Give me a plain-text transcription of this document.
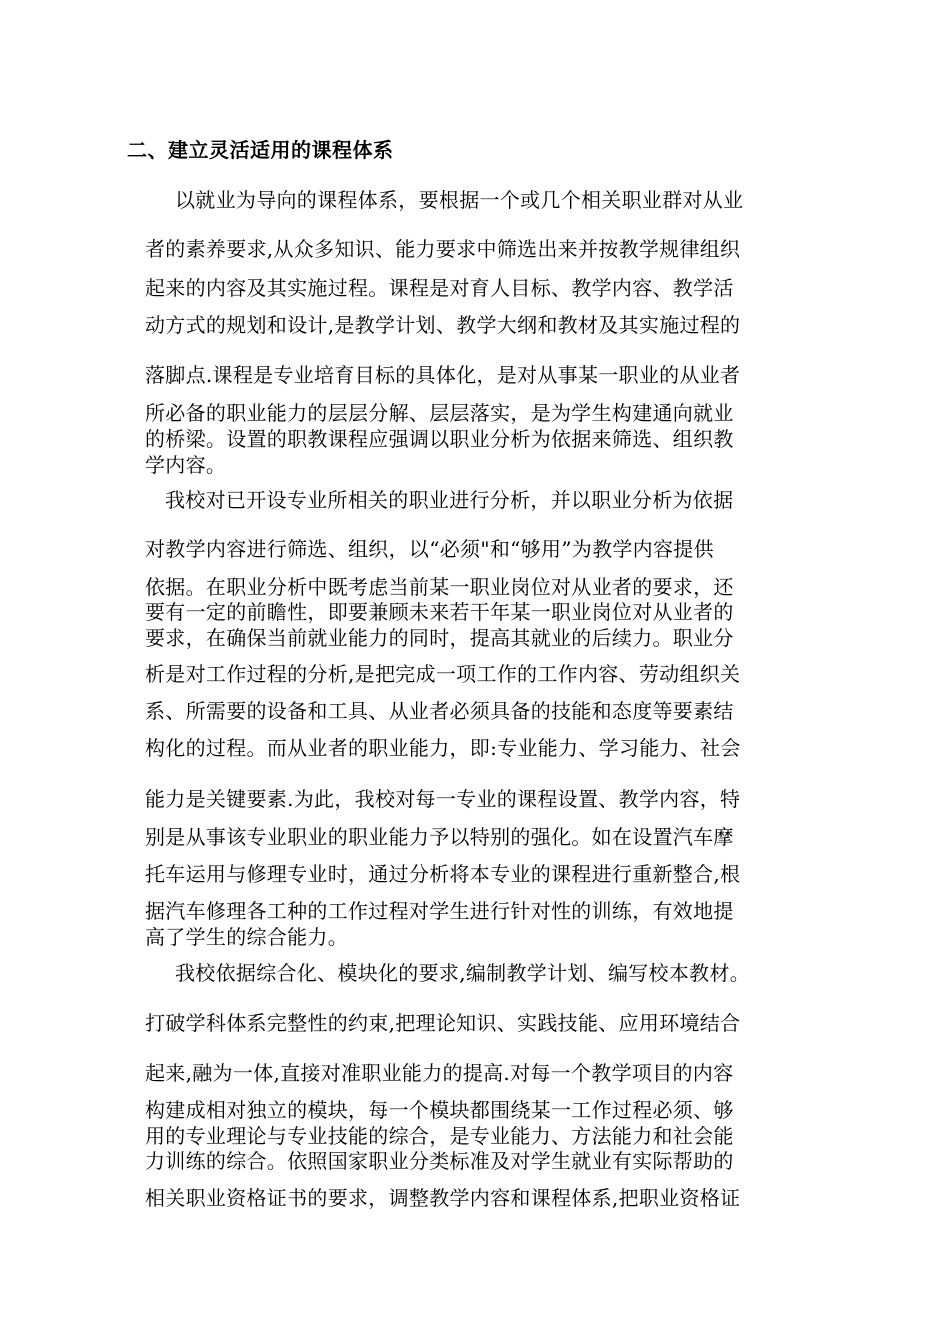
二、建立灵活适用的课程体系
以就业为导向的课程体系，要根据一个或几个相关职业群对从业
者的素养要求,从众多知识、能力要求中筛选出来并按教学规律组织
起来的内容及其实施过程。课程是对育人目标、教学内容、教学活
动方式的规划和设计,是教学计划、教学大纲和教材及其实施过程的
落脚点.课程是专业培育目标的具体化，是对从事某一职业的从业者
所必备的职业能力的层层分解、层层落实，是为学生构建通向就业
的桥梁。设置的职教课程应强调以职业分析为依据来筛选、组织教
学内容。
我校对已开设专业所相关的职业进行分析，并以职业分析为依据
对教学内容进行筛选、组织，以“必须"和“够用”为教学内容提供
依据。在职业分析中既考虑当前某一职业岗位对从业者的要求，还
要有一定的前瞻性，即要兼顾未来若干年某一职业岗位对从业者的
要求，在确保当前就业能力的同时，提高其就业的后续力。职业分
析是对工作过程的分析,是把完成一项工作的工作内容、劳动组织关
系、所需要的设备和工具、从业者必须具备的技能和态度等要素结
构化的过程。而从业者的职业能力，即:专业能力、学习能力、社会
能力是关键要素.为此，我校对每一专业的课程设置、教学内容，特
别是从事该专业职业的职业能力予以特别的强化。如在设置汽车摩
托车运用与修理专业时，通过分析将本专业的课程进行重新整合,根
据汽车修理各工种的工作过程对学生进行针对性的训练，有效地提
高了学生的综合能力。
我校依据综合化、模块化的要求,编制教学计划、编写校本教材。
打破学科体系完整性的约束,把理论知识、实践技能、应用环境结合
起来,融为一体,直接对准职业能力的提高.对每一个教学项目的内容
构建成相对独立的模块，每一个模块都围绕某一工作过程必须、够
用的专业理论与专业技能的综合，是专业能力、方法能力和社会能
力训练的综合。依照国家职业分类标准及对学生就业有实际帮助的
相关职业资格证书的要求，调整教学内容和课程体系,把职业资格证
